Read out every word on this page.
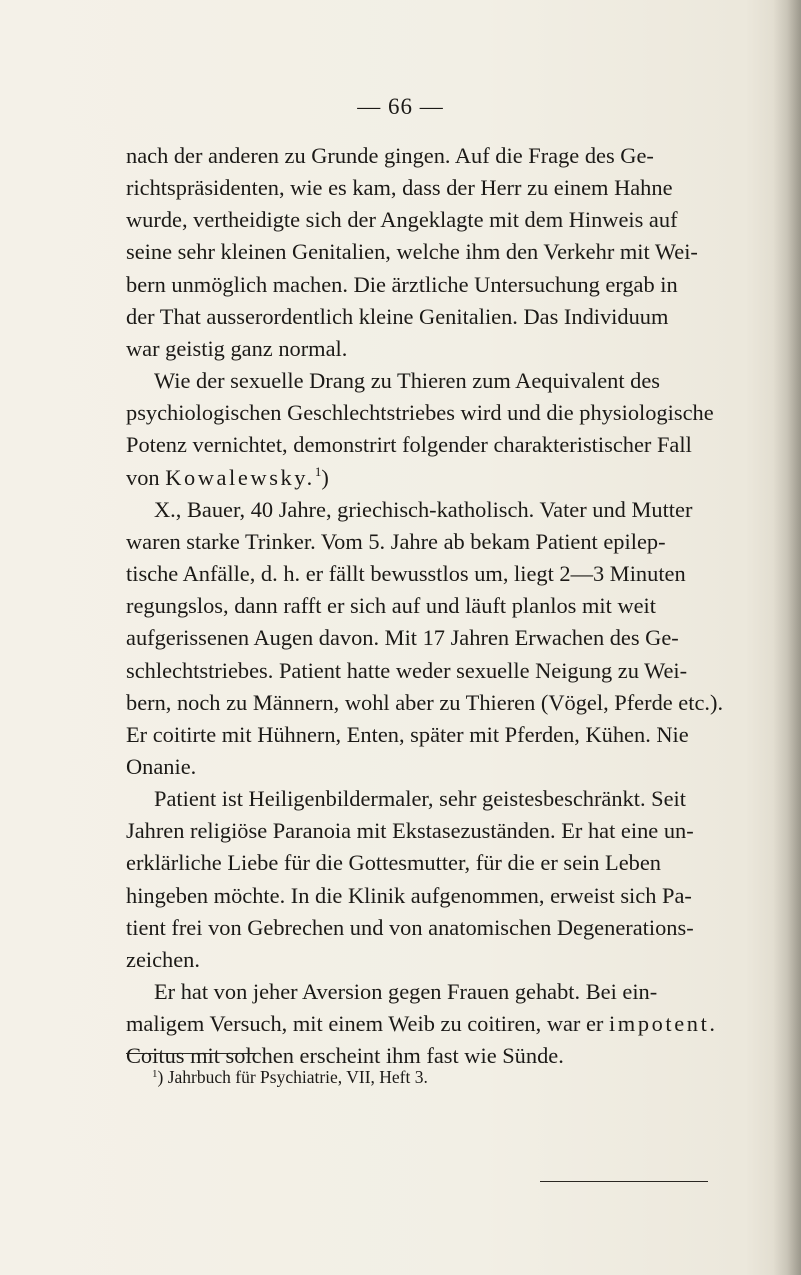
— 66 —
nach der anderen zu Grunde gingen. Auf die Frage des Ge-
richtspräsidenten, wie es kam, dass der Herr zu einem Hahne
wurde, vertheidigte sich der Angeklagte mit dem Hinweis auf
seine sehr kleinen Genitalien, welche ihm den Verkehr mit Wei-
bern unmöglich machen. Die ärztliche Untersuchung ergab in
der That ausserordentlich kleine Genitalien. Das Individuum
war geistig ganz normal.
Wie der sexuelle Drang zu Thieren zum Aequivalent des
psychiologischen Geschlechtstriebes wird und die physiologische
Potenz vernichtet, demonstrirt folgender charakteristischer Fall
von Kowalewsky.$^1$)
X., Bauer, 40 Jahre, griechisch-katholisch. Vater und Mutter
waren starke Trinker. Vom 5. Jahre ab bekam Patient epilep-
tische Anfälle, d. h. er fällt bewusstlos um, liegt 2—3 Minuten
regungslos, dann rafft er sich auf und läuft planlos mit weit
aufgerissenen Augen davon. Mit 17 Jahren Erwachen des Ge-
schlechtstriebes. Patient hatte weder sexuelle Neigung zu Wei-
bern, noch zu Männern, wohl aber zu Thieren (Vögel, Pferde etc.).
Er coitirte mit Hühnern, Enten, später mit Pferden, Kühen. Nie
Onanie.
Patient ist Heiligenbildermaler, sehr geistesbeschränkt. Seit
Jahren religiöse Paranoia mit Ekstasezuständen. Er hat eine un-
erklärliche Liebe für die Gottesmutter, für die er sein Leben
hingeben möchte. In die Klinik aufgenommen, erweist sich Pa-
tient frei von Gebrechen und von anatomischen Degenerations-
zeichen.
Er hat von jeher Aversion gegen Frauen gehabt. Bei ein-
maligem Versuch, mit einem Weib zu coitiren, war er impotent.
Coitus mit solchen erscheint ihm fast wie Sünde.
$^1$) Jahrbuch für Psychiatrie, VII, Heft 3.
